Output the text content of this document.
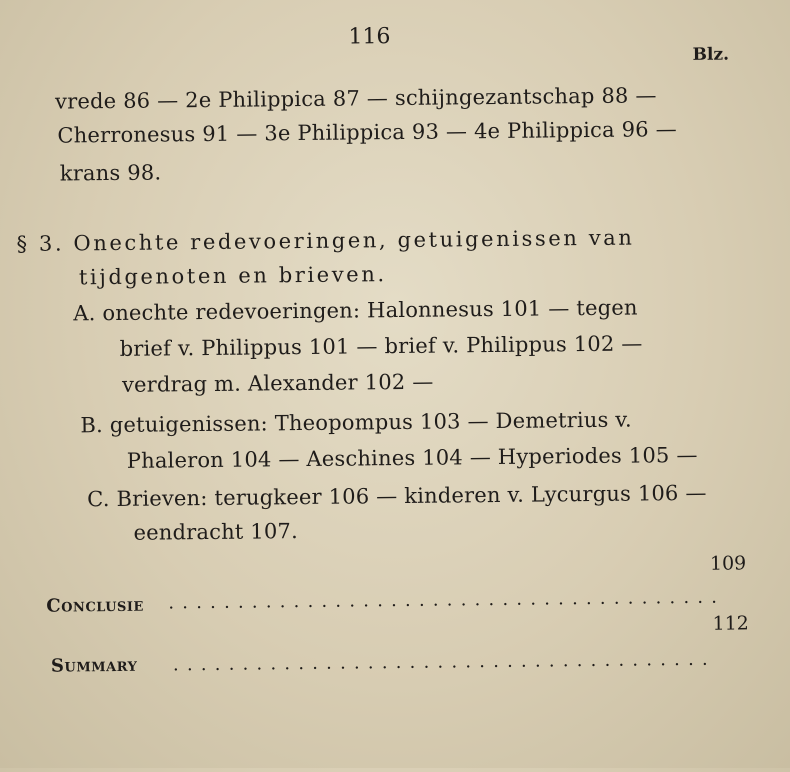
116
Blz.
vrede 86 — 2e Philippica 87 — schijngezantschap 88 —
Cherronesus 91 — 3e Philippica 93 — 4e Philippica 96 —
krans 98.
§ 3. Onechte redevoeringen, getuigenissen van
tijdgenoten en brieven.
A. onechte redevoeringen: Halonnesus 101 — tegen
brief v. Philippus 101 — brief v. Philippus 102 —
verdrag m. Alexander 102 —
B. getuigenissen: Theopompus 103 — Demetrius v.
Phaleron 104 — Aeschines 104 — Hyperiodes 105 —
C. Brieven: terugkeer 106 — kinderen v. Lycurgus 106 —
eendracht 107.
Conclusie ........................................
109
Summary .......................................
112
